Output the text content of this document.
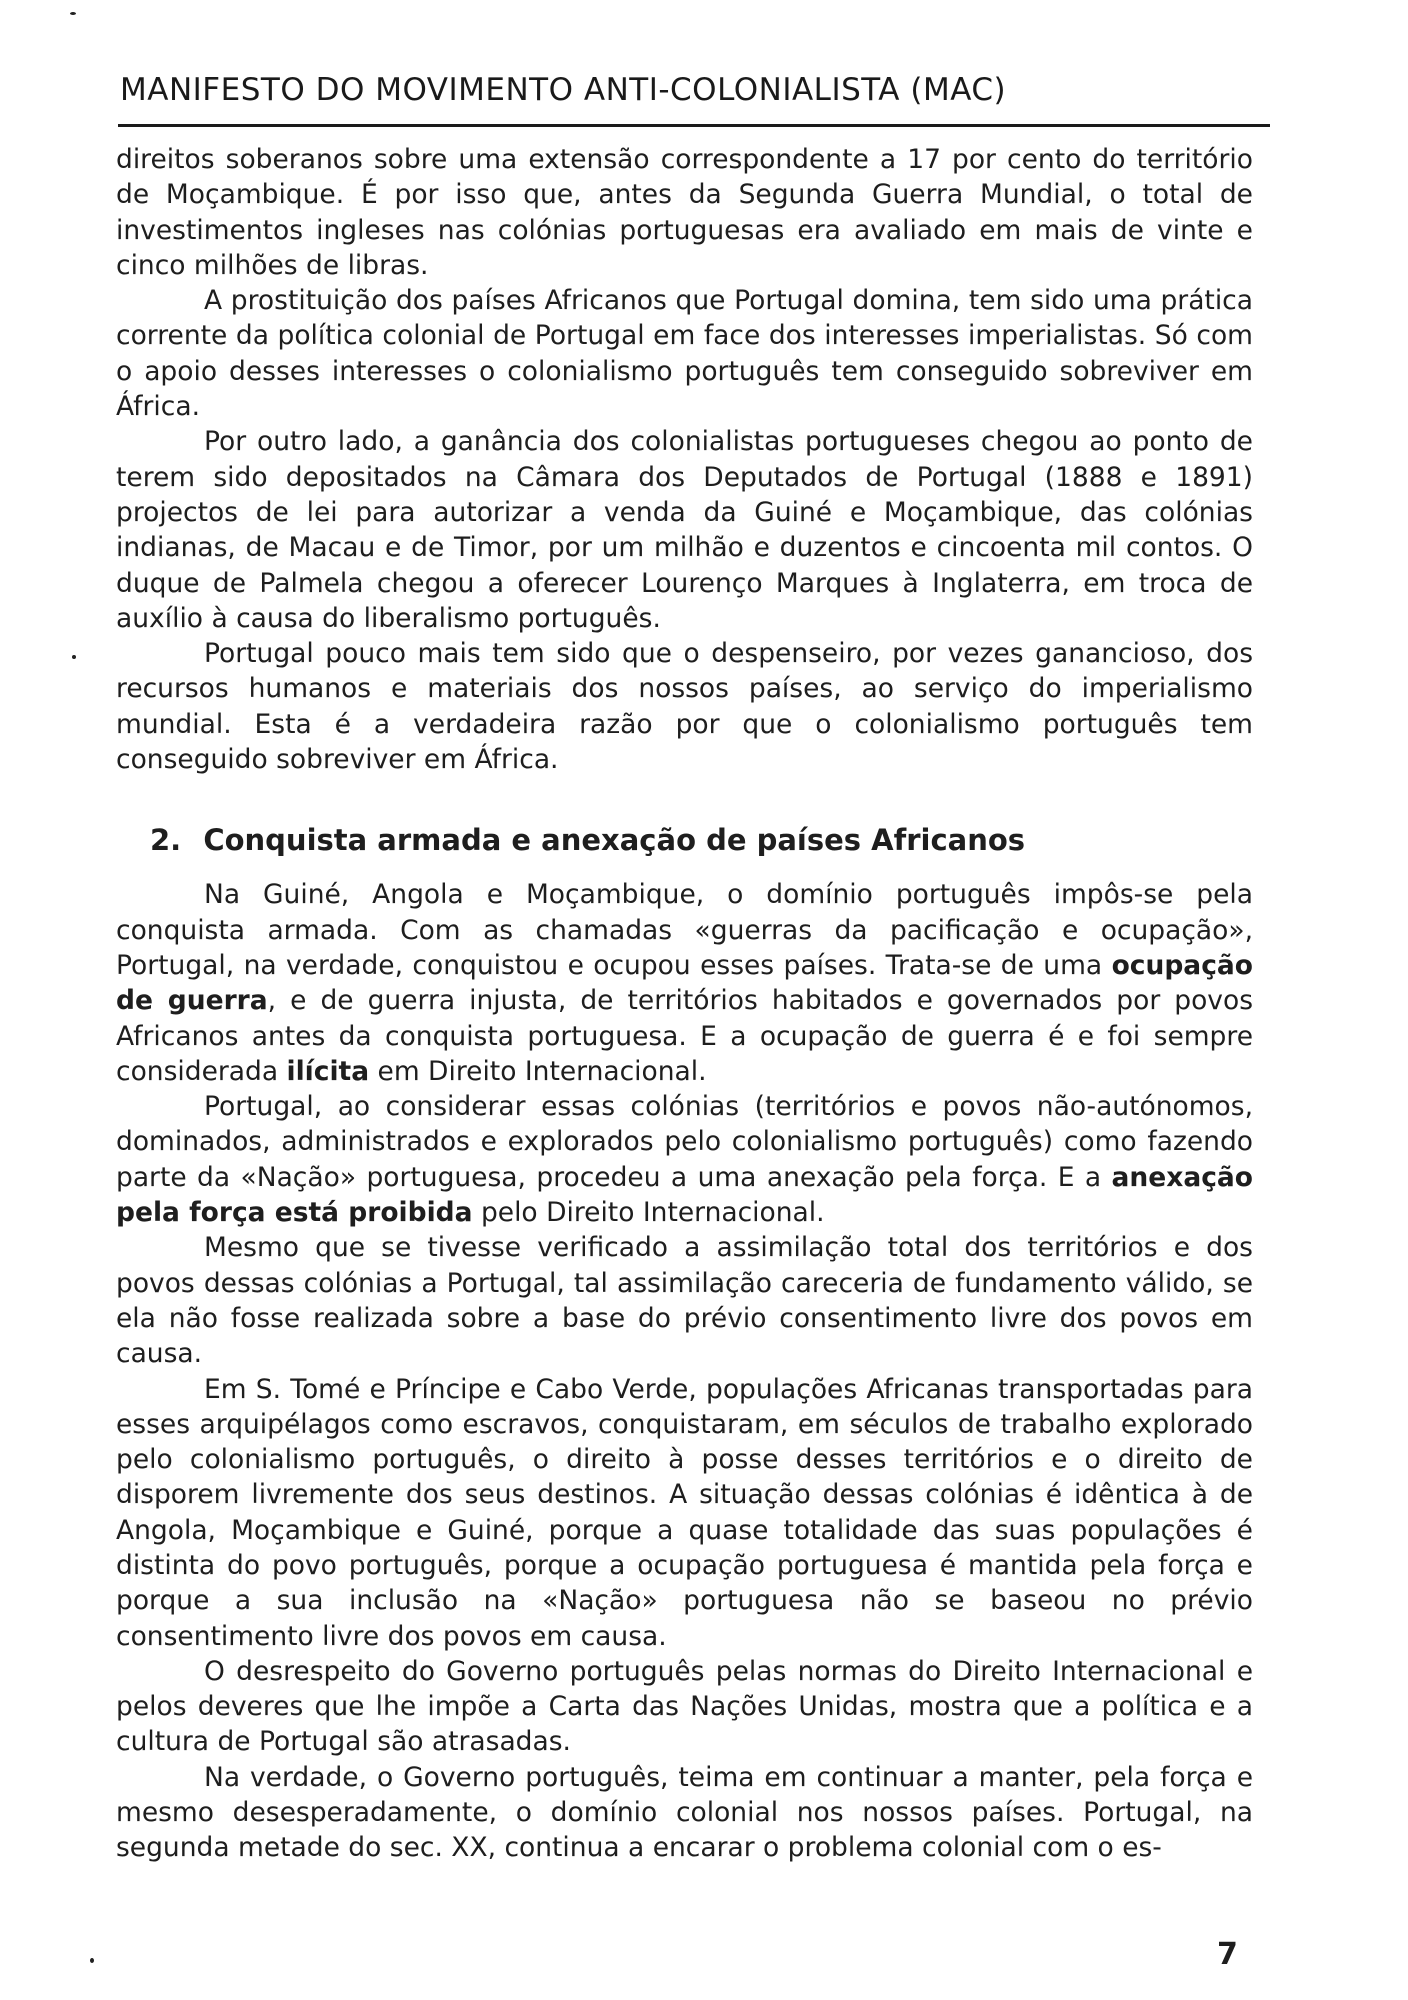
MANIFESTO DO MOVIMENTO ANTI-COLONIALISTA (MAC)

direitos soberanos sobre uma extensão correspondente a 17 por cento do território de Moçambique. É por isso que, antes da Segunda Guerra Mundial, o total de investimentos ingleses nas colónias portuguesas era avaliado em mais de vinte e cinco milhões de libras.

A prostituição dos países Africanos que Portugal domina, tem sido uma prática corrente da política colonial de Portugal em face dos interesses imperialistas. Só com o apoio desses interesses o colonialismo português tem conseguido sobreviver em África.

Por outro lado, a ganância dos colonialistas portugueses chegou ao ponto de terem sido depositados na Câmara dos Deputados de Portugal (1888 e 1891) projectos de lei para autorizar a venda da Guiné e Moçambique, das colónias indianas, de Macau e de Timor, por um milhão e duzentos e cincoenta mil contos. O duque de Palmela chegou a oferecer Lourenço Marques à Inglaterra, em troca de auxílio à causa do liberalismo português.

Portugal pouco mais tem sido que o despenseiro, por vezes ganancioso, dos recursos humanos e materiais dos nossos países, ao serviço do imperialismo mundial. Esta é a verdadeira razão por que o colonialismo português tem conseguido sobreviver em África.

2. Conquista armada e anexação de países Africanos

Na Guiné, Angola e Moçambique, o domínio português impôs-se pela conquista armada. Com as chamadas «guerras da pacificação e ocupação», Portugal, na verdade, conquistou e ocupou esses países. Trata-se de uma ocupação de guerra, e de guerra injusta, de territórios habitados e governados por povos Africanos antes da conquista portuguesa. E a ocupação de guerra é e foi sempre considerada ilícita em Direito Internacional.

Portugal, ao considerar essas colónias (territórios e povos não-autónomos, dominados, administrados e explorados pelo colonialismo português) como fazendo parte da «Nação» portuguesa, procedeu a uma anexação pela força. E a anexação pela força está proibida pelo Direito Internacional.

Mesmo que se tivesse verificado a assimilação total dos territórios e dos povos dessas colónias a Portugal, tal assimilação careceria de fundamento válido, se ela não fosse realizada sobre a base do prévio consentimento livre dos povos em causa.

Em S. Tomé e Príncipe e Cabo Verde, populações Africanas transportadas para esses arquipélagos como escravos, conquistaram, em séculos de trabalho explorado pelo colonialismo português, o direito à posse desses territórios e o direito de disporem livremente dos seus destinos. A situação dessas colónias é idêntica à de Angola, Moçambique e Guiné, porque a quase totalidade das suas populações é distinta do povo português, porque a ocupação portuguesa é mantida pela força e porque a sua inclusão na «Nação» portuguesa não se baseou no prévio consentimento livre dos povos em causa.

O desrespeito do Governo português pelas normas do Direito Internacional e pelos deveres que lhe impõe a Carta das Nações Unidas, mostra que a política e a cultura de Portugal são atrasadas.

Na verdade, o Governo português, teima em continuar a manter, pela força e mesmo desesperadamente, o domínio colonial nos nossos países. Portugal, na segunda metade do sec. XX, continua a encarar o problema colonial com o es-

7
